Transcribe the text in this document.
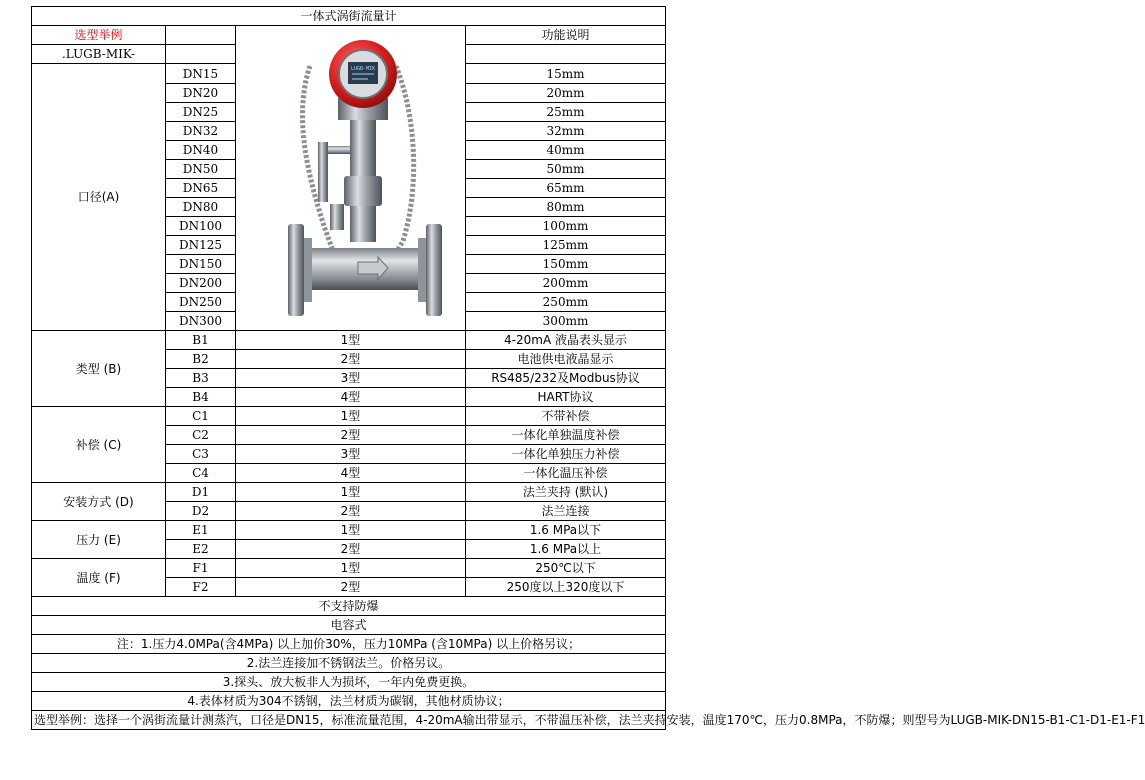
一体式涡街流量计			
选型举例		LUGB-MIK	功能说明
.LUGB-MIK-			
口径(A)	DN15		15mm
	DN20		20mm
	DN25		25mm
	DN32		32mm
	DN40		40mm
	DN50		50mm
	DN65		65mm
	DN80		80mm
	DN100		100mm
	DN125		125mm
	DN150		150mm
	DN200		200mm
	DN250		250mm
	DN300		300mm
类型 (B)	B1	1型	4-20mA 液晶表头显示
	B2	2型	电池供电液晶显示
	B3	3型	RS485/232及Modbus协议
	B4	4型	HART协议
补偿 (C)	C1	1型	不带补偿
	C2	2型	一体化单独温度补偿
	C3	3型	一体化单独压力补偿
	C4	4型	一体化温压补偿
安装方式 (D)	D1	1型	法兰夹持 (默认)
	D2	2型	法兰连接
压力 (E)	E1	1型	1.6 MPa以下
	E2	2型	1.6 MPa以上
温度 (F)	F1	1型	250℃以下
	F2	2型	250度以上320度以下
不支持防爆			
电容式			
注：1.压力4.0MPa(含4MPa) 以上加价30%，压力10MPa (含10MPa) 以上价格另议；			
2.法兰连接加不锈钢法兰。价格另议。			
3.探头、放大板非人为损坏，一年内免费更换。			
4.表体材质为304不锈钢，法兰材质为碳钢，其他材质协议；			
选型举例：选择一个涡街流量计测蒸汽，口径是DN15，标准流量范围，4-20mA输出带显示，不带温压补偿，法兰夹持安装，温度170℃，压力0.8MPa，不防爆；则型号为LUGB-MIK-DN15-B1-C1-D1-E1-F1			
